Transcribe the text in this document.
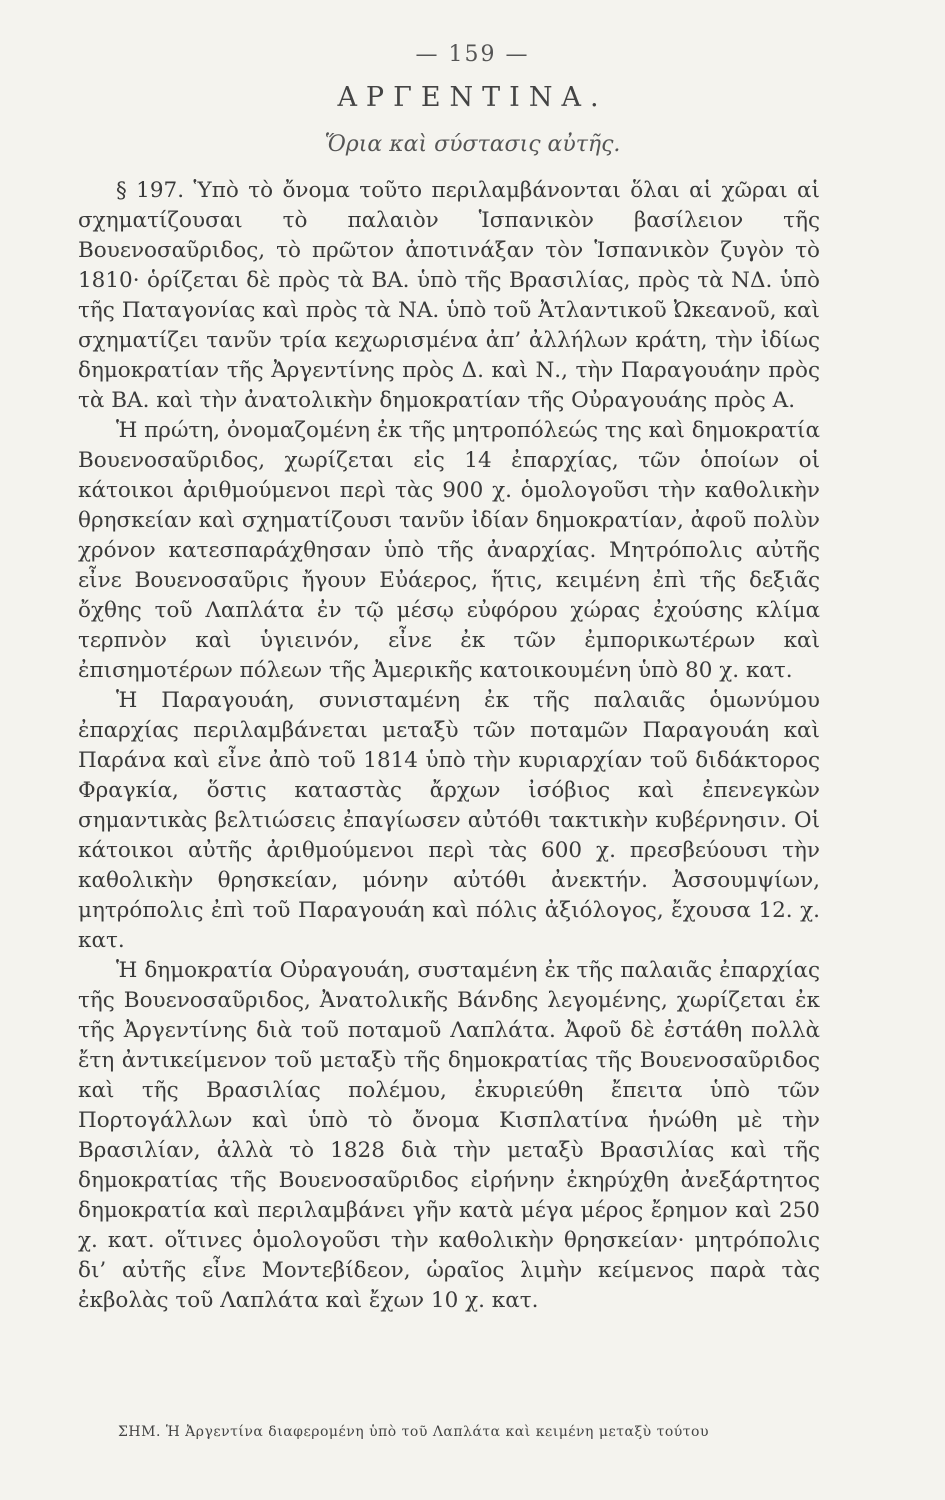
— 159 —
ΑΡΓΕΝΤΙΝΑ.
Ὅρια καὶ σύστασις αὐτῆς.

§ 197. Ὑπὸ τὸ ὄνομα τοῦτο περιλαμβάνονται ὅλαι αἱ χῶραι αἱ σχηματίζουσαι τὸ παλαιὸν Ἱσπανικὸν βασίλειον τῆς Βουενοσαῦριδος, τὸ πρῶτον ἀποτινάξαν τὸν Ἱσπανικὸν ζυγὸν τὸ 1810· ὁρίζεται δὲ πρὸς τὰ ΒΑ. ὑπὸ τῆς Βρασιλίας, πρὸς τὰ ΝΔ. ὑπὸ τῆς Παταγονίας καὶ πρὸς τὰ ΝΑ. ὑπὸ τοῦ Ἀτλαντικοῦ Ὠκεανοῦ, καὶ σχηματίζει τανῦν τρία κεχωρισμένα ἀπ’ ἀλλήλων κράτη, τὴν ἰδίως δημοκρατίαν τῆς Ἀργεντίνης πρὸς Δ. καὶ Ν., τὴν Παραγουάην πρὸς τὰ ΒΑ. καὶ τὴν ἀνατολικὴν δημοκρατίαν τῆς Οὐραγουάης πρὸς Α.

Ἡ πρώτη, ὀνομαζομένη ἐκ τῆς μητροπόλεώς της καὶ δημοκρατία Βουενοσαῦριδος, χωρίζεται εἰς 14 ἐπαρχίας, τῶν ὁποίων οἱ κάτοικοι ἀριθμούμενοι περὶ τὰς 900 χ. ὁμολογοῦσι τὴν καθολικὴν θρησκείαν καὶ σχηματίζουσι τανῦν ἰδίαν δημοκρατίαν, ἀφοῦ πολὺν χρόνον κατεσπαράχθησαν ὑπὸ τῆς ἀναρχίας. Μητρόπολις αὐτῆς εἶνε Βουενοσαῦρις ἤγουν Εὐάερος, ἥτις, κειμένη ἐπὶ τῆς δεξιᾶς ὄχθης τοῦ Λαπλάτα ἐν τῷ μέσῳ εὐφόρου χώρας ἐχούσης κλίμα τερπνὸν καὶ ὑγιεινόν, εἶνε ἐκ τῶν ἐμπορικωτέρων καὶ ἐπισημοτέρων πόλεων τῆς Ἀμερικῆς κατοικουμένη ὑπὸ 80 χ. κατ.

Ἡ Παραγουάη, συνισταμένη ἐκ τῆς παλαιᾶς ὁμωνύμου ἐπαρχίας περιλαμβάνεται μεταξὺ τῶν ποταμῶν Παραγουάη καὶ Παράνα καὶ εἶνε ἀπὸ τοῦ 1814 ὑπὸ τὴν κυριαρχίαν τοῦ διδάκτορος Φραγκία, ὅστις καταστὰς ἄρχων ἰσόβιος καὶ ἐπενεγκὼν σημαντικὰς βελτιώσεις ἐπαγίωσεν αὐτόθι τακτικὴν κυβέρνησιν. Οἱ κάτοικοι αὐτῆς ἀριθμούμενοι περὶ τὰς 600 χ. πρεσβεύουσι τὴν καθολικὴν θρησκείαν, μόνην αὐτόθι ἀνεκτήν. Ἀσσουμψίων, μητρόπολις ἐπὶ τοῦ Παραγουάη καὶ πόλις ἀξιόλογος, ἔχουσα 12. χ. κατ.

Ἡ δημοκρατία Οὐραγουάη, συσταμένη ἐκ τῆς παλαιᾶς ἐπαρχίας τῆς Βουενοσαῦριδος, Ἀνατολικῆς Βάνδης λεγομένης, χωρίζεται ἐκ τῆς Ἀργεντίνης διὰ τοῦ ποταμοῦ Λαπλάτα. Ἀφοῦ δὲ ἐστάθη πολλὰ ἔτη ἀντικείμενον τοῦ μεταξὺ τῆς δημοκρατίας τῆς Βουενοσαῦριδος καὶ τῆς Βρασιλίας πολέμου, ἐκυριεύθη ἔπειτα ὑπὸ τῶν Πορτογάλλων καὶ ὑπὸ τὸ ὄνομα Κισπλατίνα ἡνώθη μὲ τὴν Βρασιλίαν, ἀλλὰ τὸ 1828 διὰ τὴν μεταξὺ Βρασιλίας καὶ τῆς δημοκρατίας τῆς Βουενοσαῦριδος εἰρήνην ἐκηρύχθη ἀνεξάρτητος δημοκρατία καὶ περιλαμβάνει γῆν κατὰ μέγα μέρος ἔρημον καὶ 250 χ. κατ. οἵτινες ὁμολογοῦσι τὴν καθολικὴν θρησκείαν· μητρόπολις δι’ αὐτῆς εἶνε Μοντεβίδεον, ὡραῖος λιμὴν κείμενος παρὰ τὰς ἐκβολὰς τοῦ Λαπλάτα καὶ ἔχων 10 χ. κατ.

ΣΗΜ. Ἡ Ἀργεντίνα διαφερομένη ὑπὸ τοῦ Λαπλάτα καὶ κειμένη μεταξὺ τούτου
